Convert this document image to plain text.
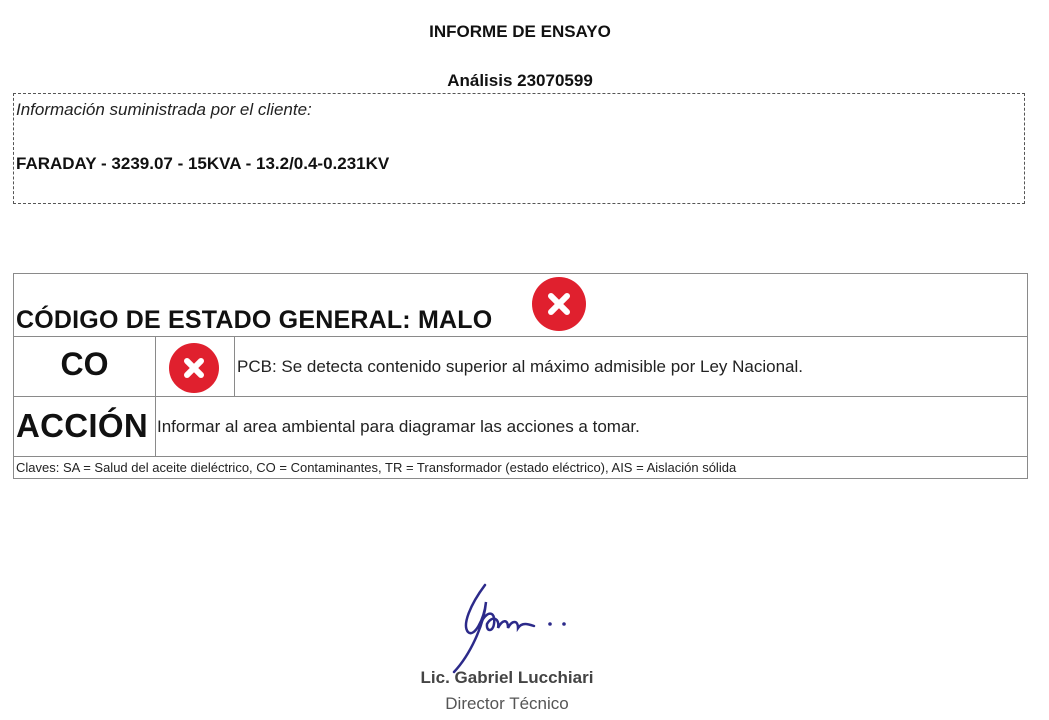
INFORME DE ENSAYO
Análisis 23070599
Información suministrada por el cliente:
FARADAY - 3239.07 - 15KVA - 13.2/0.4-0.231KV
CÓDIGO DE ESTADO GENERAL: MALO
CO	PCB: Se detecta contenido superior al máximo admisible por Ley Nacional.
ACCIÓN Informar al area ambiental para diagramar las acciones a tomar.
Claves: SA = Salud del aceite dieléctrico, CO = Contaminantes, TR = Transformador (estado eléctrico), AIS = Aislación sólida
Lic. Gabriel Lucchiari
Director Técnico
